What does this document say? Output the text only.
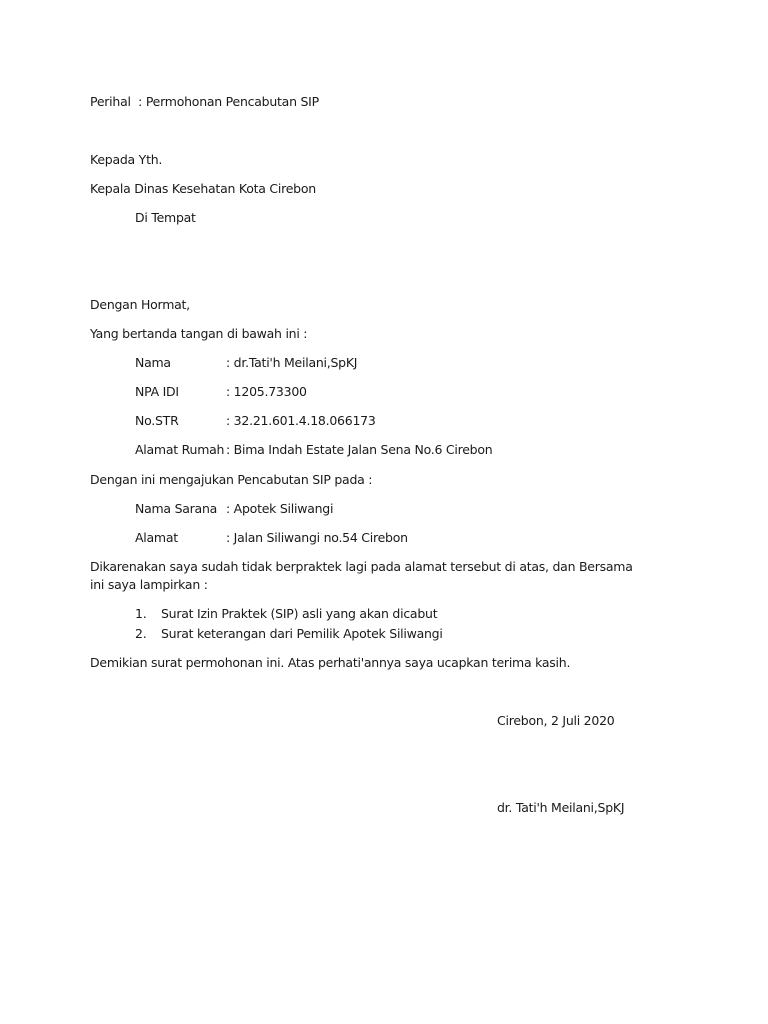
Perihal : Permohonan Pencabutan SIP
Kepada Yth.
Kepala Dinas Kesehatan Kota Cirebon
Di Tempat
Dengan Hormat,
Yang bertanda tangan di bawah ini :
Nama	: dr.Tati'h Meilani,SpKJ
NPA IDI	: 1205.73300
No.STR	: 32.21.601.4.18.066173
Alamat Rumah : Bima Indah Estate Jalan Sena No.6 Cirebon
Dengan ini mengajukan Pencabutan SIP pada :
Nama Sarana : Apotek Siliwangi
Alamat	: Jalan Siliwangi no.54 Cirebon
Dikarenakan saya sudah tidak berpraktek lagi pada alamat tersebut di atas, dan Bersama ini saya lampirkan :
1. Surat Izin Praktek (SIP) asli yang akan dicabut
2. Surat keterangan dari Pemilik Apotek Siliwangi
Demikian surat permohonan ini. Atas perhati'annya saya ucapkan terima kasih.
Cirebon, 2 Juli 2020
dr. Tati'h Meilani,SpKJ
